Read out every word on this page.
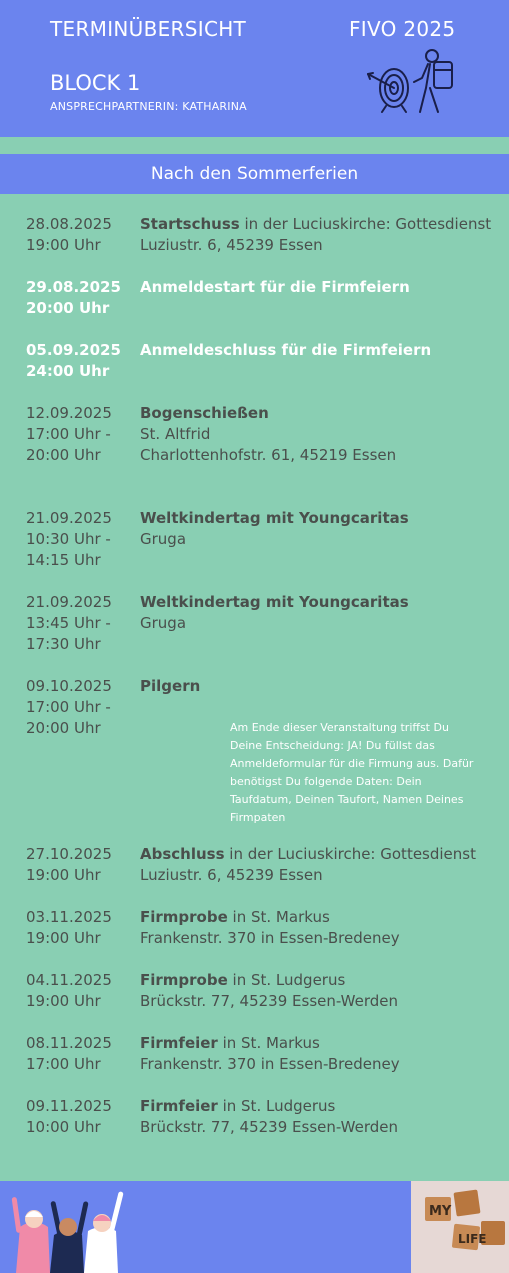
TERMINÜBERSICHT	FIVO 2025
BLOCK 1
ANSPRECHPARTNERIN: KATHARINA
Nach den Sommerferien
28.08.2025
19:00 Uhr
Startschuss in der Luciuskirche: Gottesdienst
Luziustr. 6, 45239 Essen
29.08.2025
20:00 Uhr
Anmeldestart für die Firmfeiern
05.09.2025
24:00 Uhr
Anmeldeschluss für die Firmfeiern
12.09.2025
17:00 Uhr -
20:00 Uhr
Bogenschießen
St. Altfrid
Charlottenhofstr. 61, 45219 Essen
21.09.2025
10:30 Uhr -
14:15 Uhr
Weltkindertag mit Youngcaritas
Gruga
21.09.2025
13:45 Uhr -
17:30 Uhr
Weltkindertag mit Youngcaritas
Gruga
09.10.2025
17:00 Uhr -
20:00 Uhr
Pilgern
Am Ende dieser Veranstaltung triffst Du
Deine Entscheidung: JA! Du füllst das
Anmeldeformular für die Firmung aus. Dafür
benötigst Du folgende Daten: Dein
Taufdatum, Deinen Taufort, Namen Deines
Firmpaten
27.10.2025
19:00 Uhr
Abschluss in der Luciuskirche: Gottesdienst
Luziustr. 6, 45239 Essen
03.11.2025
19:00 Uhr
Firmprobe in St. Markus
Frankenstr. 370 in Essen-Bredeney
04.11.2025
19:00 Uhr
Firmprobe in St. Ludgerus
Brückstr. 77, 45239 Essen-Werden
08.11.2025
17:00 Uhr
Firmfeier in St. Markus
Frankenstr. 370 in Essen-Bredeney
09.11.2025
10:00 Uhr
Firmfeier in St. Ludgerus
Brückstr. 77, 45239 Essen-Werden
MY
LIFE
